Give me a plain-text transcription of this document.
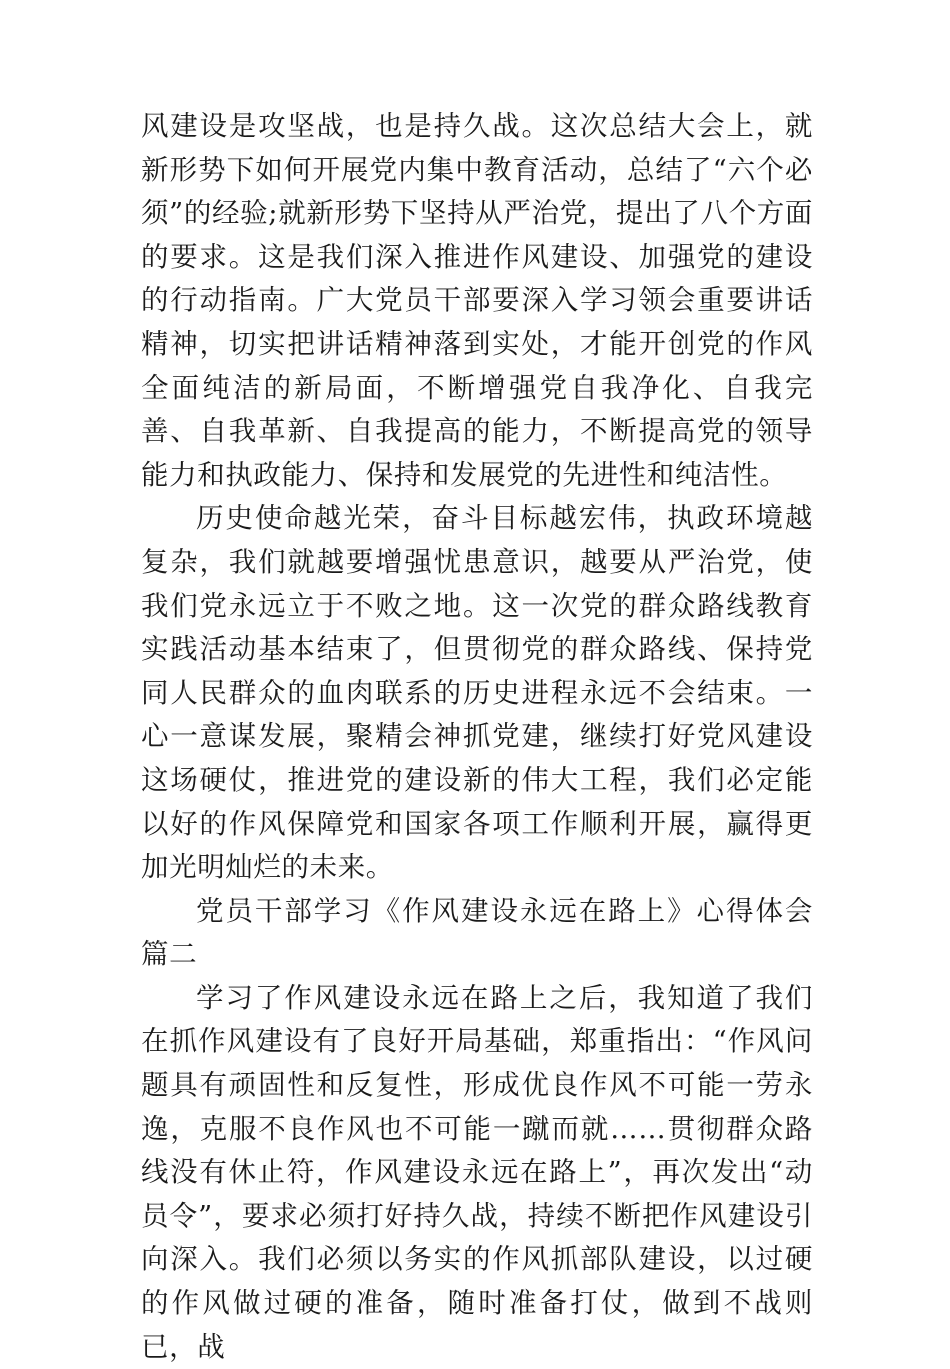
风建设是攻坚战，也是持久战。这次总结大会上，就新形势下如何开展党内集中教育活动，总结了“六个必须”的经验;就新形势下坚持从严治党，提出了八个方面的要求。这是我们深入推进作风建设、加强党的建设的行动指南。广大党员干部要深入学习领会重要讲话精神，切实把讲话精神落到实处，才能开创党的作风全面纯洁的新局面，不断增强党自我净化、自我完善、自我革新、自我提高的能力，不断提高党的领导能力和执政能力、保持和发展党的先进性和纯洁性。

历史使命越光荣，奋斗目标越宏伟，执政环境越复杂，我们就越要增强忧患意识，越要从严治党，使我们党永远立于不败之地。这一次党的群众路线教育实践活动基本结束了，但贯彻党的群众路线、保持党同人民群众的血肉联系的历史进程永远不会结束。一心一意谋发展，聚精会神抓党建，继续打好党风建设这场硬仗，推进党的建设新的伟大工程，我们必定能以好的作风保障党和国家各项工作顺利开展，赢得更加光明灿烂的未来。

党员干部学习《作风建设永远在路上》心得体会篇二

学习了作风建设永远在路上之后，我知道了我们在抓作风建设有了良好开局基础，郑重指出：“作风问题具有顽固性和反复性，形成优良作风不可能一劳永逸，克服不良作风也不可能一蹴而就……贯彻群众路线没有休止符，作风建设永远在路上”，再次发出“动员令”，要求必须打好持久战，持续不断把作风建设引向深入。我们必须以务实的作风抓部队建设，以过硬的作风做过硬的准备，随时准备打仗，做到不战则已，战
